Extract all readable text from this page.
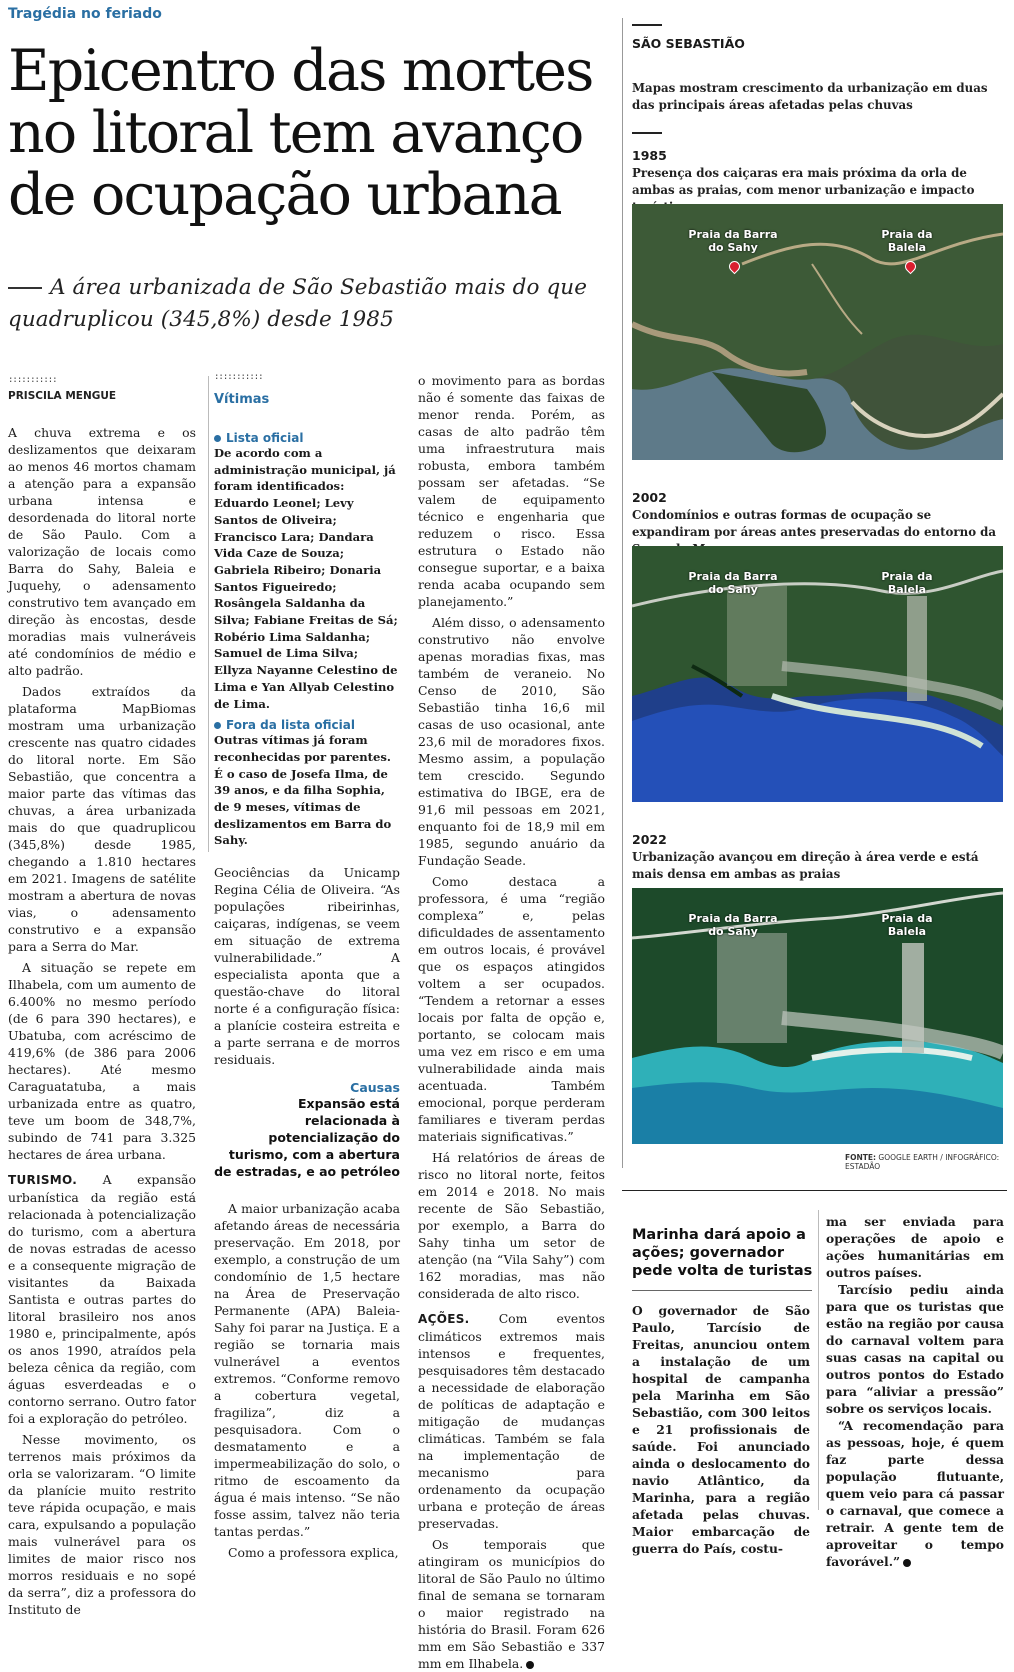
Tragédia no feriado
Epicentro das mortes no litoral tem avanço de ocupação urbana
A área urbanizada de São Sebastião mais do que quadruplicou (345,8%) desde 1985
:::::::::::
PRISCILA MENGUE

A chuva extrema e os deslizamentos que deixaram ao menos 46 mortos chamam a atenção para a expansão urbana intensa e desordenada do litoral norte de São Paulo. Com a valorização de locais como Barra do Sahy, Baleia e Juquehy, o adensamento construtivo tem avançado em direção às encostas, desde moradias mais vulneráveis até condomínios de médio e alto padrão.

Dados extraídos da plataforma MapBiomas mostram uma urbanização crescente nas quatro cidades do litoral norte. Em São Sebastião, que concentra a maior parte das vítimas das chuvas, a área urbanizada mais do que quadruplicou (345,8%) desde 1985, chegando a 1.810 hectares em 2021. Imagens de satélite mostram a abertura de novas vias, o adensamento construtivo e a expansão para a Serra do Mar.

A situação se repete em Ilhabela, com um aumento de 6.400% no mesmo período (de 6 para 390 hectares), e Ubatuba, com acréscimo de 419,6% (de 386 para 2006 hectares). Até mesmo Caraguatatuba, a mais urbanizada entre as quatro, teve um boom de 348,7%, subindo de 741 para 3.325 hectares de área urbana.

TURISMO. A expansão urbanística da região está relacionada à potencialização do turismo, com a abertura de novas estradas de acesso e a consequente migração de visitantes da Baixada Santista e outras partes do litoral brasileiro nos anos 1980 e, principalmente, após os anos 1990, atraídos pela beleza cênica da região, com águas esverdeadas e o contorno serrano. Outro fator foi a exploração do petróleo.

Nesse movimento, os terrenos mais próximos da orla se valorizaram. “O limite da planície muito restrito teve rápida ocupação, e mais cara, expulsando a população mais vulnerável para os limites de maior risco nos morros residuais e no sopé da serra”, diz a professora do Instituto de

:::::::::::
Vítimas
Lista oficial
De acordo com a administração municipal, já foram identificados: Eduardo Leonel; Levy Santos de Oliveira; Francisco Lara; Dandara Vida Caze de Souza; Gabriela Ribeiro; Donaria Santos Figueiredo; Rosângela Saldanha da Silva; Fabiane Freitas de Sá; Robério Lima Saldanha; Samuel de Lima Silva; Ellyza Nayanne Celestino de Lima e Yan Allyab Celestino de Lima.
Fora da lista oficial
Outras vítimas já foram reconhecidas por parentes. É o caso de Josefa Ilma, de 39 anos, e da filha Sophia, de 9 meses, vítimas de deslizamentos em Barra do Sahy.

Geociências da Unicamp Regina Célia de Oliveira. “As populações ribeirinhas, caiçaras, indígenas, se veem em situação de extrema vulnerabilidade.” A especialista aponta que a questão-chave do litoral norte é a configuração física: a planície costeira estreita e a parte serrana e de morros residuais.

Causas
Expansão está relacionada à potencialização do turismo, com a abertura de estradas, e ao petróleo

A maior urbanização acaba afetando áreas de necessária preservação. Em 2018, por exemplo, a construção de um condomínio de 1,5 hectare na Área de Preservação Permanente (APA) Baleia-Sahy foi parar na Justiça. E a região se tornaria mais vulnerável a eventos extremos. “Conforme removo a cobertura vegetal, fragiliza”, diz a pesquisadora. Com o desmatamento e a impermeabilização do solo, o ritmo de escoamento da água é mais intenso. “Se não fosse assim, talvez não teria tantas perdas.”

Como a professora explica,

o movimento para as bordas não é somente das faixas de menor renda. Porém, as casas de alto padrão têm uma infraestrutura mais robusta, embora também possam ser afetadas. “Se valem de equipamento técnico e engenharia que reduzem o risco. Essa estrutura o Estado não consegue suportar, e a baixa renda acaba ocupando sem planejamento.”

Além disso, o adensamento construtivo não envolve apenas moradias fixas, mas também de veraneio. No Censo de 2010, São Sebastião tinha 16,6 mil casas de uso ocasional, ante 23,6 mil de moradores fixos. Mesmo assim, a população tem crescido. Segundo estimativa do IBGE, era de 91,6 mil pessoas em 2021, enquanto foi de 18,9 mil em 1985, segundo anuário da Fundação Seade.

Como destaca a professora, é uma “região complexa” e, pelas dificuldades de assentamento em outros locais, é provável que os espaços atingidos voltem a ser ocupados. “Tendem a retornar a esses locais por falta de opção e, portanto, se colocam mais uma vez em risco e em uma vulnerabilidade ainda mais acentuada. Também emocional, porque perderam familiares e tiveram perdas materiais significativas.”

Há relatórios de áreas de risco no litoral norte, feitos em 2014 e 2018. No mais recente de São Sebastião, por exemplo, a Barra do Sahy tinha um setor de atenção (na “Vila Sahy”) com 162 moradias, mas não considerada de alto risco.

AÇÕES. Com eventos climáticos extremos mais intensos e frequentes, pesquisadores têm destacado a necessidade de elaboração de políticas de adaptação e mitigação de mudanças climáticas. Também se fala na implementação de mecanismo para ordenamento da ocupação urbana e proteção de áreas preservadas.

Os temporais que atingiram os municípios do litoral de São Paulo no último final de semana se tornaram o maior registrado na história do Brasil. Foram 626 mm em São Sebastião e 337 mm em Ilhabela.

SÃO SEBASTIÃO
Mapas mostram crescimento da urbanização em duas das principais áreas afetadas pelas chuvas
1985
Presença dos caiçaras era mais próxima da orla de ambas as praias, com menor urbanização e impacto
Praia da Barra do Sahy
Praia da Balela
2002
Condomínios e outras formas de ocupação se expandiram por áreas antes preservadas do entorno da
Praia da Barra do Sahy
Praia da Balela
2022
Urbanização avançou em direção à área verde e está mais densa em ambas as praias
Praia da Barra do Sahy
Praia da Balela
FONTE: GOOGLE EARTH / INFOGRÁFICO: ESTADÃO
Marinha dará apoio a ações; governador pede volta de turistas

O governador de São Paulo, Tarcísio de Freitas, anunciou ontem a instalação de um hospital de campanha pela Marinha em São Sebastião, com 300 leitos e 21 profissionais de saúde. Foi anunciado ainda o deslocamento do navio Atlântico, da Marinha, para a região afetada pelas chuvas. Maior embarcação de guerra do País, costu-

ma ser enviada para operações de apoio e ações humanitárias em outros países.

Tarcísio pediu ainda para que os turistas que estão na região por causa do carnaval voltem para suas casas na capital ou outros pontos do Estado para “aliviar a pressão” sobre os serviços locais.

“A recomendação para as pessoas, hoje, é quem faz parte dessa população flutuante, quem veio para cá passar o carnaval, que comece a retrair. A gente tem de aproveitar o tempo favorável.”
